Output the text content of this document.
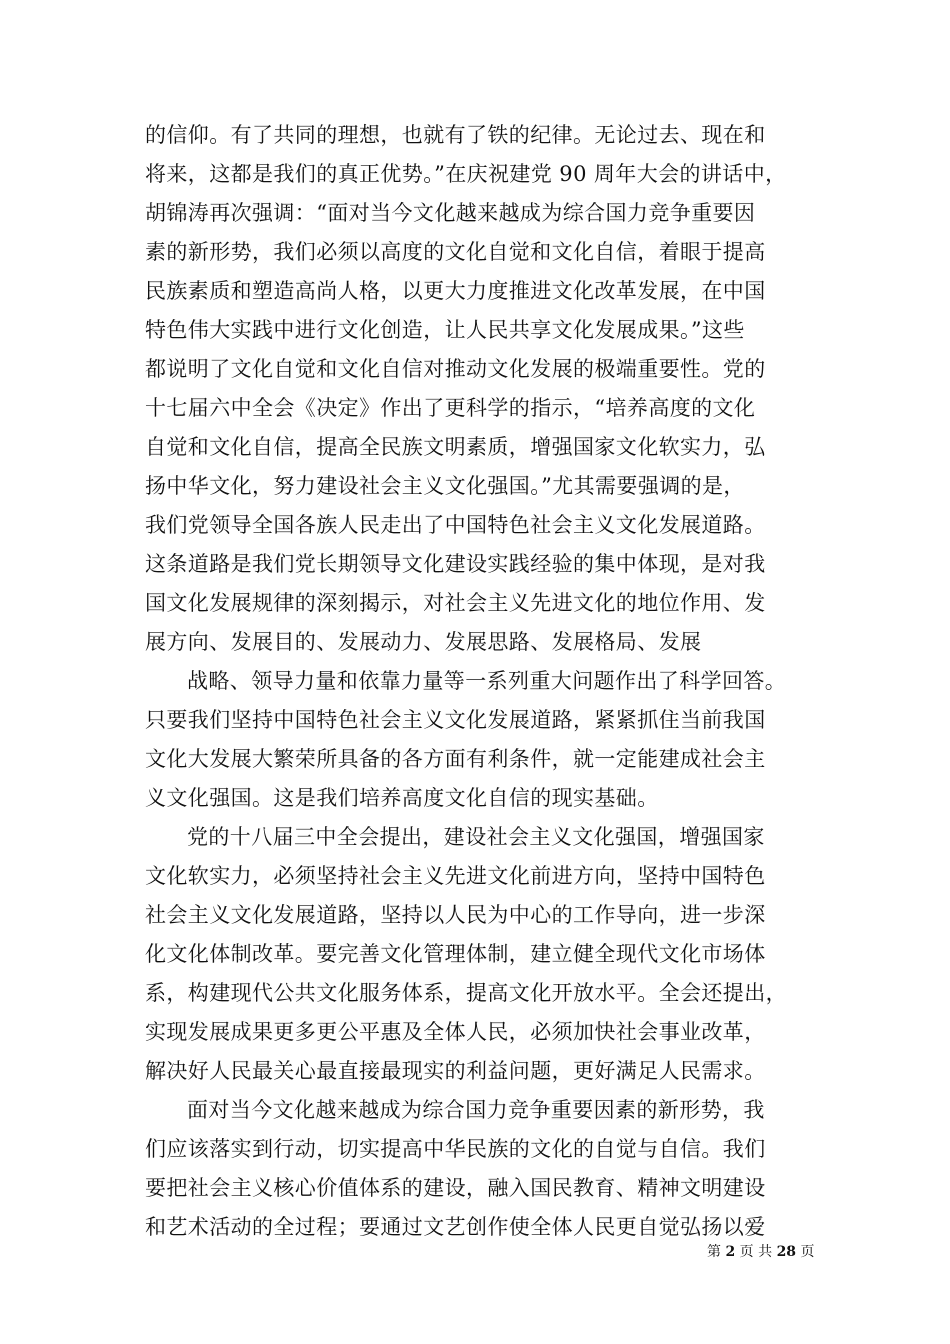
的信仰。有了共同的理想，也就有了铁的纪律。无论过去、现在和
将来，这都是我们的真正优势。”在庆祝建党 90 周年大会的讲话中，
胡锦涛再次强调：“面对当今文化越来越成为综合国力竞争重要因
素的新形势，我们必须以高度的文化自觉和文化自信，着眼于提高
民族素质和塑造高尚人格，以更大力度推进文化改革发展，在中国
特色伟大实践中进行文化创造，让人民共享文化发展成果。”这些
都说明了文化自觉和文化自信对推动文化发展的极端重要性。党的
十七届六中全会《决定》作出了更科学的指示，“培养高度的文化
自觉和文化自信，提高全民族文明素质，增强国家文化软实力，弘
扬中华文化，努力建设社会主义文化强国。”尤其需要强调的是，
我们党领导全国各族人民走出了中国特色社会主义文化发展道路。
这条道路是我们党长期领导文化建设实践经验的集中体现，是对我
国文化发展规律的深刻揭示，对社会主义先进文化的地位作用、发
展方向、发展目的、发展动力、发展思路、发展格局、发展
战略、领导力量和依靠力量等一系列重大问题作出了科学回答。
只要我们坚持中国特色社会主义文化发展道路，紧紧抓住当前我国
文化大发展大繁荣所具备的各方面有利条件，就一定能建成社会主
义文化强国。这是我们培养高度文化自信的现实基础。
党的十八届三中全会提出，建设社会主义文化强国，增强国家
文化软实力，必须坚持社会主义先进文化前进方向，坚持中国特色
社会主义文化发展道路，坚持以人民为中心的工作导向，进一步深
化文化体制改革。要完善文化管理体制，建立健全现代文化市场体
系，构建现代公共文化服务体系，提高文化开放水平。全会还提出，
实现发展成果更多更公平惠及全体人民，必须加快社会事业改革，
解决好人民最关心最直接最现实的利益问题，更好满足人民需求。
面对当今文化越来越成为综合国力竞争重要因素的新形势，我
们应该落实到行动，切实提高中华民族的文化的自觉与自信。我们
要把社会主义核心价值体系的建设，融入国民教育、精神文明建设
和艺术活动的全过程；要通过文艺创作使全体人民更自觉弘扬以爱
第 2 页 共 28 页
